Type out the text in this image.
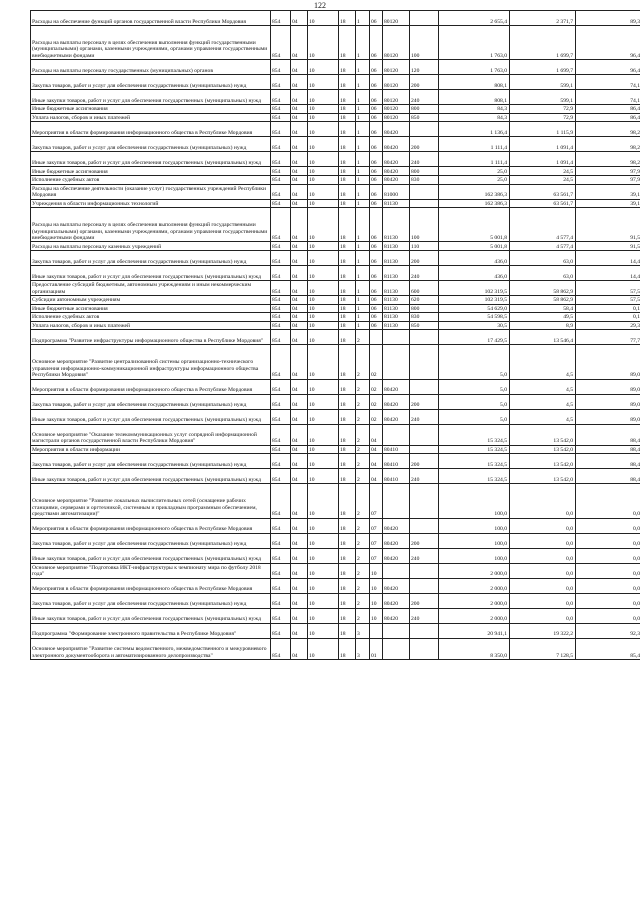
122
Расходы на обеспечение функций органов государственной власти Республики Мордовия	854	04	10	18	1	06	80120		2 655,4	2 371,7	89,3
Расходы на выплаты персоналу в целях обеспечения выполнения функций государственными (муниципальными) органами, казенными учреждениями, органами управления государственными внебюджетными фондами	854	04	10	18	1	06	80120	100	1 763,0	1 699,7	96,4
Расходы на выплаты персоналу государственных (муниципальных) органов	854	04	10	18	1	06	80120	120	1 763,0	1 699,7	96,4
Закупка товаров, работ и услуг для обеспечения государственных (муниципальных) нужд	854	04	10	18	1	06	80120	200	808,1	599,1	74,1
Иные закупки товаров, работ и услуг для обеспечения государственных (муниципальных) нужд	854	04	10	18	1	06	80120	240	808,1	599,1	74,1
Иные бюджетные ассигнования	854	04	10	18	1	06	80120	800	84,3	72,9	86,4
Уплата налогов, сборов и иных платежей	854	04	10	18	1	06	80120	850	84,3	72,9	86,4
Мероприятия в области формирования информационного общества в Республике Мордовия	854	04	10	18	1	06	80420		1 136,4	1 115,9	98,2
Закупка товаров, работ и услуг для обеспечения государственных (муниципальных) нужд	854	04	10	18	1	06	80420	200	1 111,4	1 091,4	98,2
Иные закупки товаров, работ и услуг для обеспечения государственных (муниципальных) нужд	854	04	10	18	1	06	80420	240	1 111,4	1 091,4	98,2
Иные бюджетные ассигнования	854	04	10	18	1	06	80420	800	25,0	24,5	97,9
Исполнение судебных актов	854	04	10	18	1	06	80420	830	25,0	24,5	97,9
Расходы на обеспечение деятельности (оказание услуг) государственных учреждений Республики Мордовия	854	04	10	18	1	06	81000		162 386,3	63 561,7	39,1
Учреждения в области информационных технологий	854	04	10	18	1	06	81130		162 386,3	63 561,7	39,1
Расходы на выплаты персоналу в целях обеспечения выполнения функций государственными (муниципальными) органами, казенными учреждениями, органами управления государственными внебюджетными фондами	854	04	10	18	1	06	81130	100	5 001,8	4 577,4	91,5
Расходы на выплаты персоналу казенных учреждений	854	04	10	18	1	06	81130	110	5 001,8	4 577,4	91,5
Закупка товаров, работ и услуг для обеспечения государственных (муниципальных) нужд	854	04	10	18	1	06	81130	200	436,0	63,0	14,4
Иные закупки товаров, работ и услуг для обеспечения государственных (муниципальных) нужд	854	04	10	18	1	06	81130	240	436,0	63,0	14,4
Предоставление субсидий бюджетным, автономным учреждениям и иным некоммерческим организациям	854	04	10	18	1	06	81130	600	102 319,5	58 862,9	57,5
Субсидии автономным учреждениям	854	04	10	18	1	06	81130	620	102 319,5	58 862,9	57,5
Иные бюджетные ассигнования	854	04	10	18	1	06	81130	800	54 629,0	58,4	0,1
Исполнение судебных актов	854	04	10	18	1	06	81130	830	54 598,5	49,5	0,1
Уплата налогов, сборов и иных платежей	854	04	10	18	1	06	81130	850	30,5	8,9	29,3
Подпрограмма "Развитие инфраструктуры информационного общества в Республике Мордовия"	854	04	10	18	2				17 429,5	13 546,4	77,7
Основное мероприятие "Развитие централизованной системы организационно-технического управления информационно-коммуникационной инфраструктуры информационного общества Республики Мордовия"	854	04	10	18	2	02			5,0	4,5	89,0
Мероприятия в области формирования информационного общества в Республике Мордовия	854	04	10	18	2	02	80420		5,0	4,5	89,0
Закупка товаров, работ и услуг для обеспечения государственных (муниципальных) нужд	854	04	10	18	2	02	80420	200	5,0	4,5	89,0
Иные закупки товаров, работ и услуг для обеспечения государственных (муниципальных) нужд	854	04	10	18	2	02	80420	240	5,0	4,5	89,0
Основное мероприятие "Оказание телекоммуникационных услуг сопрядной информационной магистрали органов государственной власти Республики Мордовия"	854	04	10	18	2	04			15 324,5	13 542,0	88,4
Мероприятия в области информации	854	04	10	18	2	04	80410		15 324,5	13 542,0	88,4
Закупка товаров, работ и услуг для обеспечения государственных (муниципальных) нужд	854	04	10	18	2	04	80410	200	15 324,5	13 542,0	88,4
Иные закупки товаров, работ и услуг для обеспечения государственных (муниципальных) нужд	854	04	10	18	2	04	80410	240	15 324,5	13 542,0	88,4
Основное мероприятие "Развитие локальных вычислительных сетей (оснащение рабочих станциями, серверами и оргтехникой, системным и прикладным программным обеспечением, средствами автоматизации)"	854	04	10	18	2	07			100,0	0,0	0,0
Мероприятия в области формирования информационного общества в Республике Мордовия	854	04	10	18	2	07	80420		100,0	0,0	0,0
Закупка товаров, работ и услуг для обеспечения государственных (муниципальных) нужд	854	04	10	18	2	07	80420	200	100,0	0,0	0,0
Иные закупки товаров, работ и услуг для обеспечения государственных (муниципальных) нужд	854	04	10	18	2	07	80420	240	100,0	0,0	0,0
Основное мероприятие "Подготовка ИКТ-инфраструктуры к чемпионату мира по футболу 2018 года"	854	04	10	18	2	10			2 000,0	0,0	0,0
Мероприятия в области формирования информационного общества в Республике Мордовия	854	04	10	18	2	10	80420		2 000,0	0,0	0,0
Закупка товаров, работ и услуг для обеспечения государственных (муниципальных) нужд	854	04	10	18	2	10	80420	200	2 000,0	0,0	0,0
Иные закупки товаров, работ и услуг для обеспечения государственных (муниципальных) нужд	854	04	10	18	2	10	80420	240	2 000,0	0,0	0,0
Подпрограмма "Формирование электронного правительства в Республике Мордовия"	854	04	10	18	3				20 941,1	19 322,2	92,3
Основное мероприятие "Развитие системы ведомственного, межведомственного и межуровневого электронного документооборота и автоматизированного делопроизводства"	854	04	10	18	3	01			8 350,0	7 128,5	85,4
